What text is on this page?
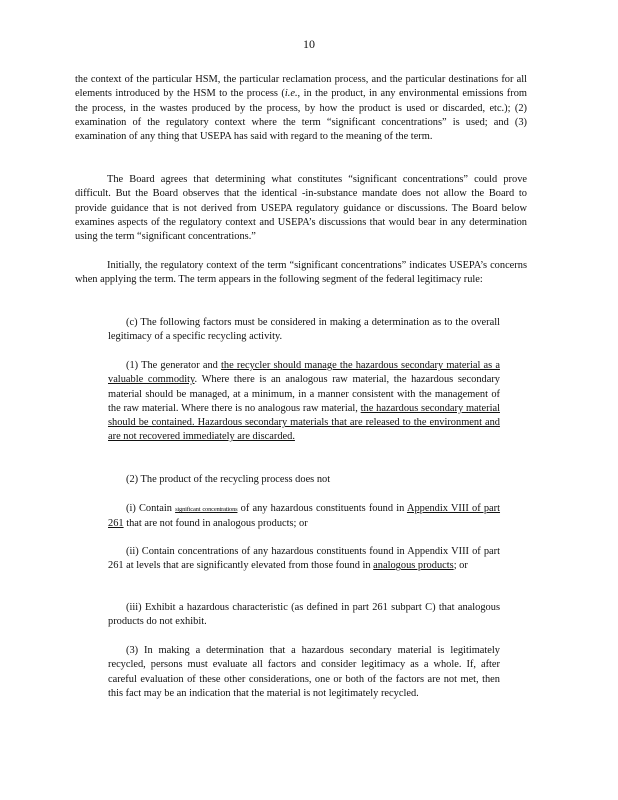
10

the context of the particular HSM, the particular reclamation process, and the particular destinations for all elements introduced by the HSM to the process (i.e., in the product, in any environmental emissions from the process, in the wastes produced by the process, by how the product is used or discarded, etc.); (2) examination of the regulatory context where the term “significant concentrations” is used; and (3) examination of any thing that USEPA has said with regard to the meaning of the term.

The Board agrees that determining what constitutes “significant concentrations” could prove difficult. But the Board observes that the identical -in-substance mandate does not allow the Board to provide guidance that is not derived from USEPA regulatory guidance or discussions. The Board below examines aspects of the regulatory context and USEPA’s discussions that would bear in any determination using the term “significant concentrations.”

Initially, the regulatory context of the term “significant concentrations” indicates USEPA’s concerns when applying the term. The term appears in the following segment of the federal legitimacy rule:

(c) The following factors must be considered in making a determination as to the overall legitimacy of a specific recycling activity.

(1) The generator and the recycler should manage the hazardous secondary material as a valuable commodity. Where there is an analogous raw material, the hazardous secondary material should be managed, at a minimum, in a manner consistent with the management of the raw material. Where there is no analogous raw material, the hazardous secondary material should be contained. Hazardous secondary materials that are released to the environment and are not recovered immediately are discarded.

(2) The product of the recycling process does not

(i) Contain significant concentrations of any hazardous constituents found in Appendix VIII of part 261 that are not found in analogous products; or

(ii) Contain concentrations of any hazardous constituents found in Appendix VIII of part 261 at levels that are significantly elevated from those found in analogous products; or

(iii) Exhibit a hazardous characteristic (as defined in part 261 subpart C) that analogous products do not exhibit.

(3) In making a determination that a hazardous secondary material is legitimately recycled, persons must evaluate all factors and consider legitimacy as a whole. If, after careful evaluation of these other considerations, one or both of the factors are not met, then this fact may be an indication that the material is not legitimately recycled.
